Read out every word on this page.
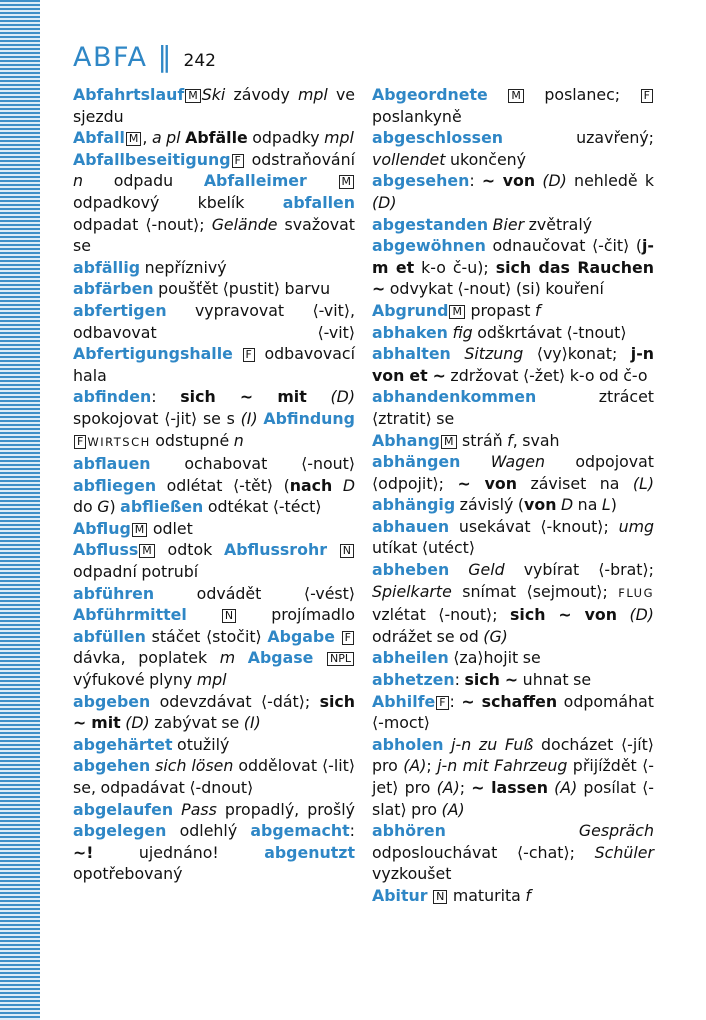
ABFA ‖ 242
Abfahrtslauf M Ski závody mpl ve sjezdu
Abfall M , a pl Abfälle odpadky mpl
Abfallbeseitigung F odstraňování n odpadu Abfalleimer	M odpadkový kbelík abfallen odpadat ⟨-nout⟩; Gelände svažovat se
abfällig nepříznivý
abfärben poušťět ⟨pustit⟩ barvu
abfertigen vypravovat ⟨-vit⟩, odbavovat ⟨-vit⟩ Abfertigungshalle F odbavovací hala
abfinden: sich ~ mit (D) spokojovat ⟨-jit⟩ se s (I) AbfindungF WIRTSCH odstupné n
abflauen ochabovat ⟨-nout⟩ abfliegen odlétat ⟨-tět⟩ (nach D do G) abfließen odtékat ⟨-téct⟩
Abflug M odlet
Abfluss M odtok Abflussrohr N odpadní potrubí
abführen odvádět ⟨-vést⟩ Abführmittel	N projímadlo abfüllen stáčet ⟨stočit⟩ Abgabe F dávka, poplatek m Abgase NPL výfukové plyny mpl
abgeben odevzdávat ⟨-dát⟩; sich ~ mit (D) zabývat se (I)
abgehärtet otužilý
abgehen sich lösen oddělovat ⟨-lit⟩ se, odpadávat ⟨-dnout⟩
abgelaufen Pass propadlý, prošlý abgelegen odlehlý abgemacht: ~! ujednáno! abgenutzt opotřebovaný
Abgeordnete M poslanec; F poslankyně
abgeschlossen uzavřený; vollendet ukončený
abgesehen: ~ von (D) nehledě k (D)
abgestanden Bier zvětralý
abgewöhnen odnaučovat ⟨-čit⟩ (j-m et k-o č-u); sich das Rauchen ~ odvykat ⟨-nout⟩ (si) kouření
Abgrund M propast f
abhaken fig odškrtávat ⟨-tnout⟩
abhalten Sitzung ⟨vy⟩konat; j-n von et ~ zdržovat ⟨-žet⟩ k-o od č-o
abhandenkommen ztrácet ⟨ztratit⟩ se
Abhang M stráň f, svah
abhängen Wagen odpojovat ⟨odpojit⟩; ~ von záviset na (L) abhängig závislý (von D na L)
abhauen usekávat ⟨-knout⟩; umg utíkat ⟨utéct⟩
abheben Geld vybírat ⟨-brat⟩; Spielkarte snímat ⟨sejmout⟩; FLUG vzlétat ⟨-nout⟩; sich ~ von (D) odrážet se od (G)
abheilen ⟨za⟩hojit se
abhetzen: sich ~ uhnat se
Abhilfe F : ~ schaffen odpomáhat ⟨-moct⟩
abholen j-n zu Fuß docházet ⟨-jít⟩ pro (A); j-n mit Fahrzeug přijíždět ⟨-jet⟩ pro (A); ~ lassen (A) posílat ⟨-slat⟩ pro (A)
abhören	Gespräch odposlouchávat ⟨-chat⟩; Schüler vyzkoušet
Abitur N maturita f
